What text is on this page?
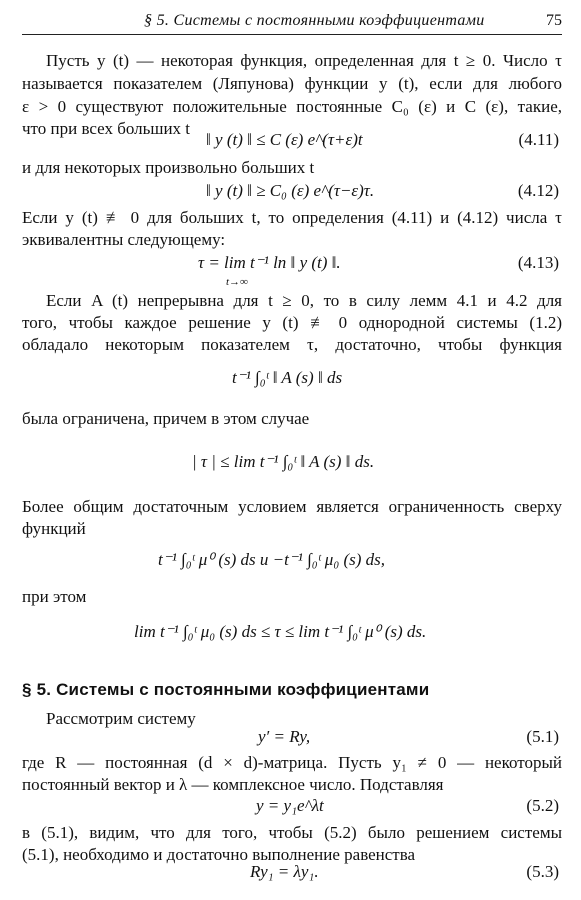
§ 5. Системы с постоянными коэффициентами	75
Пусть y (t) — некоторая функция, определенная для t ≥ 0. Число τ
называется показателем (Ляпунова) функции y (t), если для любого
ε > 0 существуют положительные постоянные C₀ (ε) и C (ε), такие,
что при всех больших t
‖ y (t) ‖ ≤ C (ε) e^(τ+ε)t	(4.11)
и для некоторых произвольно больших t
‖ y (t) ‖ ≥ C₀ (ε) e^(τ−ε)τ.	(4.12)
Если y (t) ≢ 0 для больших t, то определения (4.11) и (4.12) числа τ
эквивалентны следующему:
τ = lim t⁻¹ ln ‖ y (t) ‖.
t→∞
(4.13)
Если A (t) непрерывна для t ≥ 0, то в силу лемм 4.1 и 4.2 для
того, чтобы каждое решение y (t) ≢ 0 однородной системы (1.2)
обладало некоторым показателем τ, достаточно, чтобы функция
t⁻¹ ∫₀ᵗ ‖ A (s) ‖ ds
была ограничена, причем в этом случае
| τ | ≤ lim t⁻¹ ∫₀ᵗ ‖ A (s) ‖ ds.
Более общим достаточным условием является ограниченность сверху
функций
t⁻¹ ∫₀ᵗ μ⁰ (s) ds и −t⁻¹ ∫₀ᵗ μ₀ (s) ds,
при этом
lim t⁻¹ ∫₀ᵗ μ₀ (s) ds ≤ τ ≤ lim t⁻¹ ∫₀ᵗ μ⁰ (s) ds.
§ 5. Системы с постоянными коэффициентами
Рассмотрим систему
y′ = Ry,	(5.1)
где R — постоянная (d × d)-матрица. Пусть y₁ ≠ 0 — некоторый
постоянный вектор и λ — комплексное число. Подставляя
y = y₁e^λt	(5.2)
в (5.1), видим, что для того, чтобы (5.2) было решением системы
(5.1), необходимо и достаточно выполнение равенства
Ry₁ = λy₁.	(5.3)
